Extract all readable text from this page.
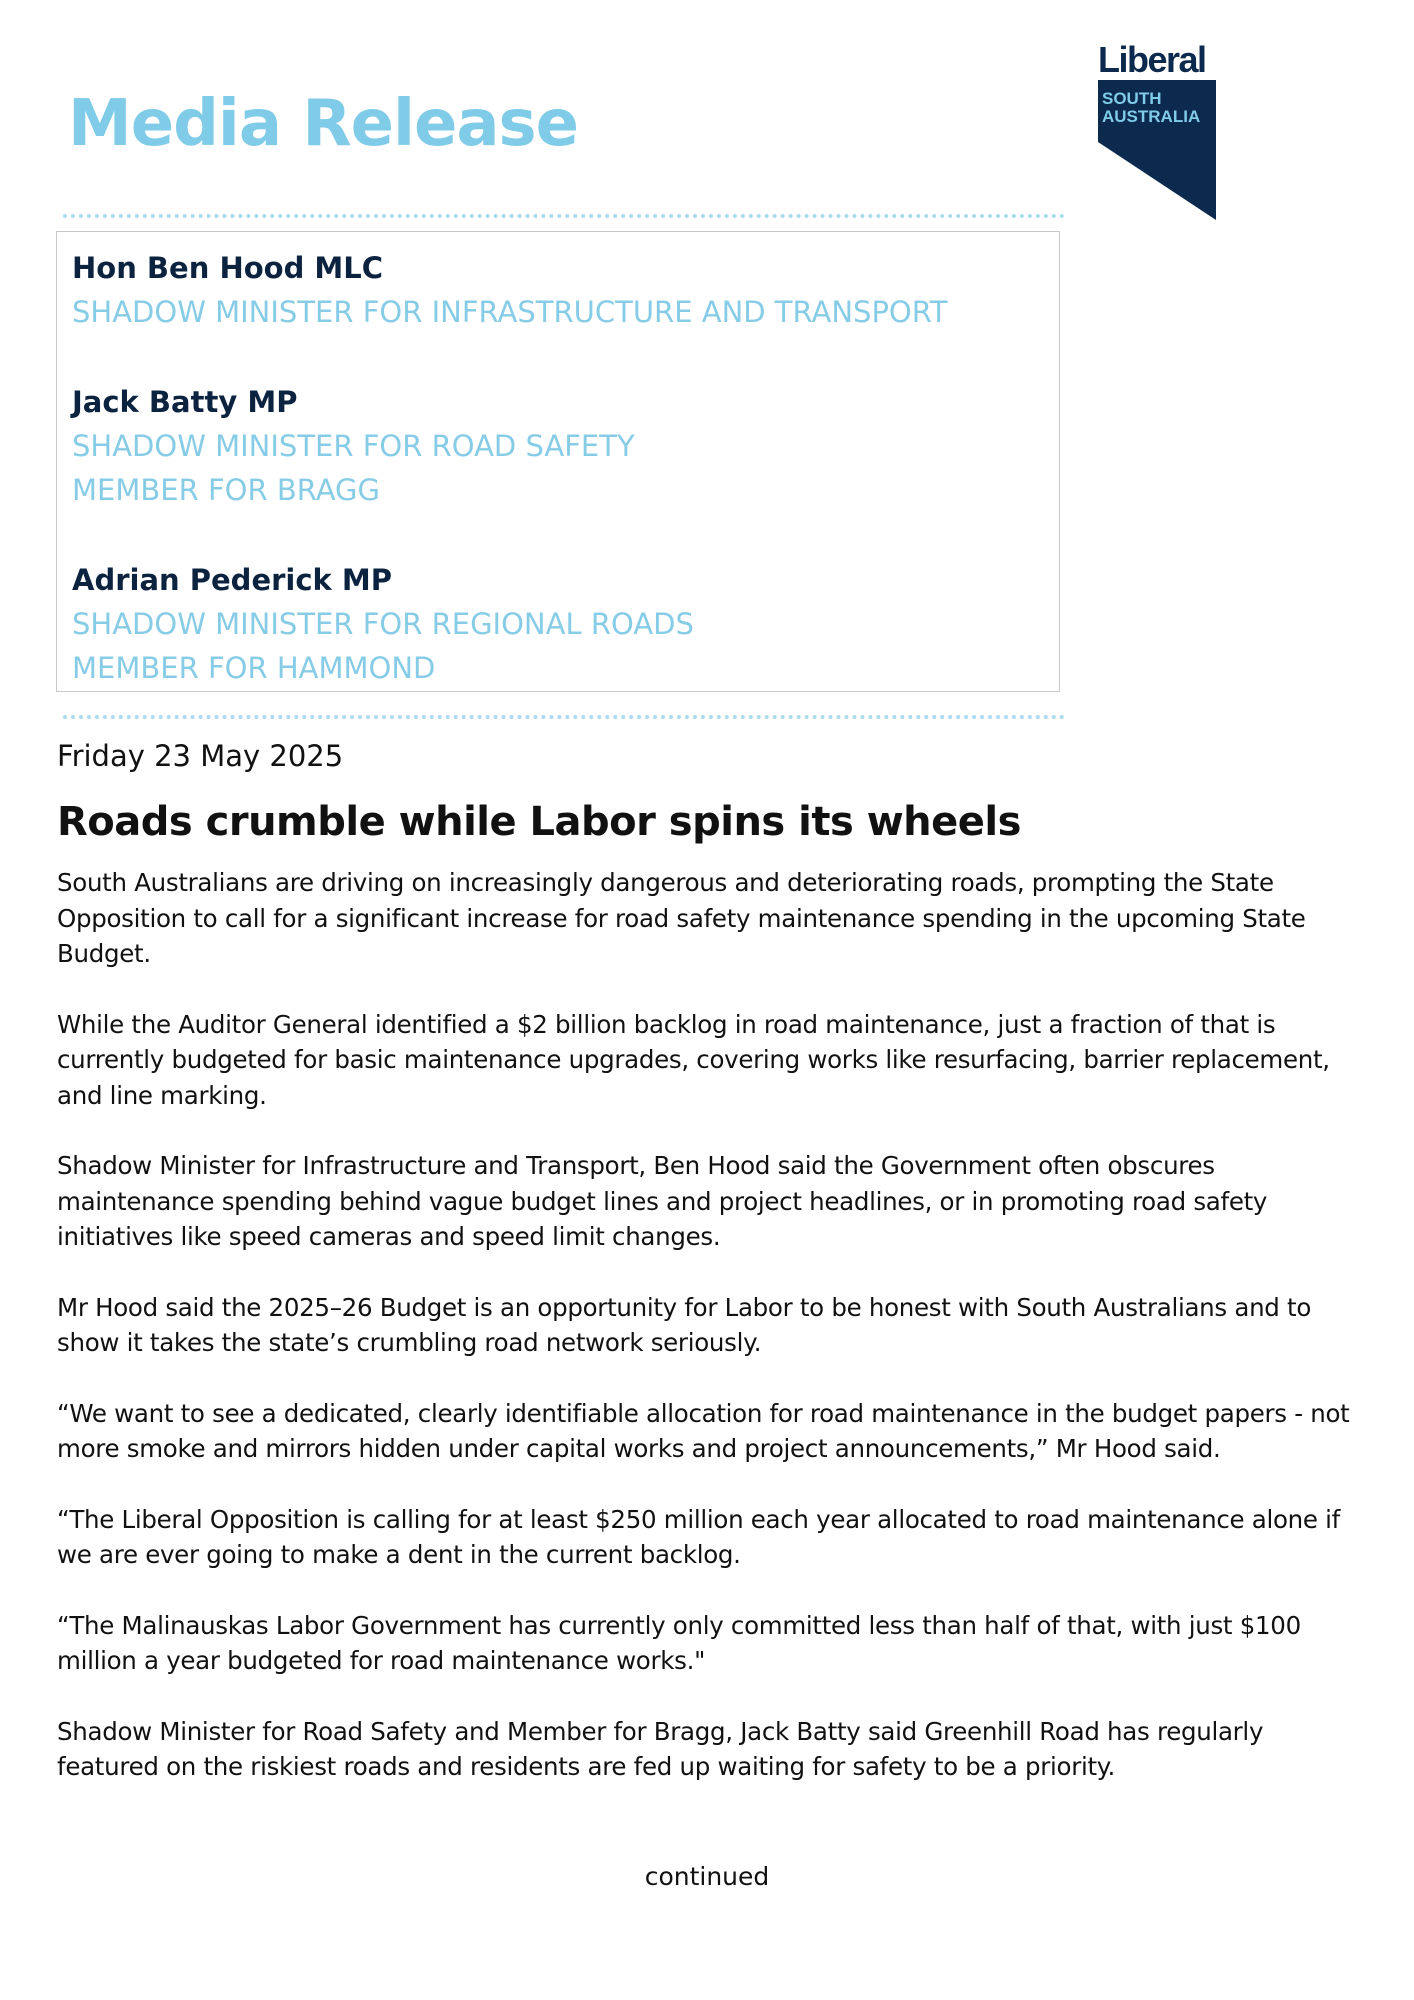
Media Release
Liberal
SOUTH
AUSTRALIA
Hon Ben Hood MLC
SHADOW MINISTER FOR INFRASTRUCTURE AND TRANSPORT
Jack Batty MP
SHADOW MINISTER FOR ROAD SAFETY
MEMBER FOR BRAGG
Adrian Pederick MP
SHADOW MINISTER FOR REGIONAL ROADS
MEMBER FOR HAMMOND
Friday 23 May 2025
Roads crumble while Labor spins its wheels

South Australians are driving on increasingly dangerous and deteriorating roads, prompting the State Opposition to call for a significant increase for road safety maintenance spending in the upcoming State Budget.

While the Auditor General identified a $2 billion backlog in road maintenance, just a fraction of that is currently budgeted for basic maintenance upgrades, covering works like resurfacing, barrier replacement, and line marking.

Shadow Minister for Infrastructure and Transport, Ben Hood said the Government often obscures maintenance spending behind vague budget lines and project headlines, or in promoting road safety initiatives like speed cameras and speed limit changes.

Mr Hood said the 2025–26 Budget is an opportunity for Labor to be honest with South Australians and to show it takes the state’s crumbling road network seriously.

“We want to see a dedicated, clearly identifiable allocation for road maintenance in the budget papers - not more smoke and mirrors hidden under capital works and project announcements,” Mr Hood said.

“The Liberal Opposition is calling for at least $250 million each year allocated to road maintenance alone if we are ever going to make a dent in the current backlog.

“The Malinauskas Labor Government has currently only committed less than half of that, with just $100 million a year budgeted for road maintenance works."

Shadow Minister for Road Safety and Member for Bragg, Jack Batty said Greenhill Road has regularly featured on the riskiest roads and residents are fed up waiting for safety to be a priority.

continued
